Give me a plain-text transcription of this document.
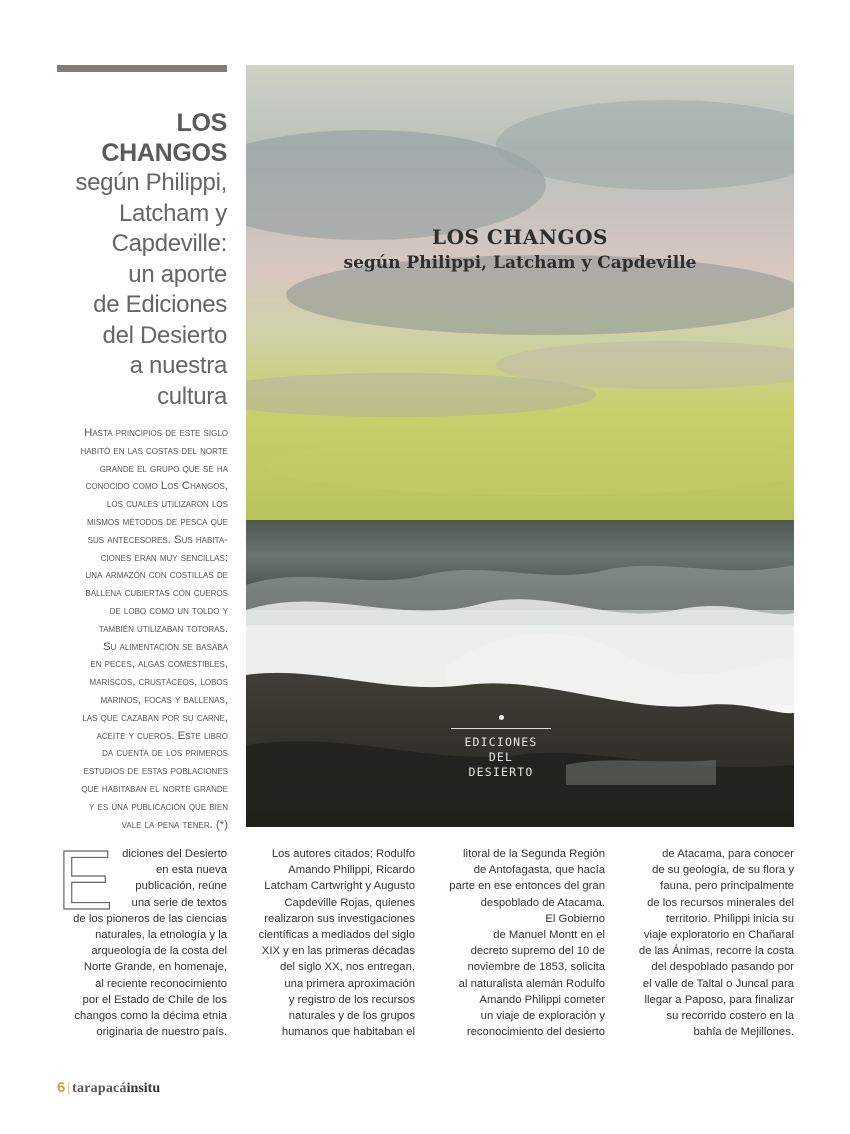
LOS
CHANGOS
según Philippi,
Latcham y
Capdeville:
un aporte
de Ediciones
del Desierto
a nuestra
cultura
Hasta principios de este siglo
habitó en las costas del norte
grande el grupo que se ha
conocido como Los Changos,
los cuales utilizaron los
mismos métodos de pesca que
sus antecesores. Sus habita-
ciones eran muy sencillas:
una armazón con costillas de
ballena cubiertas con cueros
de lobo como un toldo y
también utilizaban totoras.
Su alimentación se basaba
en peces, algas comestibles,
mariscos, crustáceos, lobos
marinos, focas y ballenas,
las que cazaban por su carne,
aceite y cueros. Este libro
da cuenta de los primeros
estudios de estas poblaciones
que habitaban el norte grande
y es una publicación que bien
vale la pena tener. (*)
LOS CHANGOS
según Philippi, Latcham y Capdeville
EDICIONES
DEL
DESIERTO
E diciones del Desierto
en esta nueva
publicación, reúne
una serie de textos
de los pioneros de las ciencias
naturales, la etnología y la
arqueología de la costa del
Norte Grande, en homenaje,
al reciente reconocimiento
por el Estado de Chile de los
changos como la décima etnia
originaria de nuestro país.
Los autores citados; Rodulfo
Amando Philippi, Ricardo
Latcham Cartwright y Augusto
Capdeville Rojas, quienes
realizaron sus investigaciones
científicas a mediados del siglo
XIX y en las primeras décadas
del siglo XX, nos entregan,
una primera aproximación
y registro de los recursos
naturales y de los grupos
humanos que habitaban el
litoral de la Segunda Región
de Antofagasta, que hacía
parte en ese entonces del gran
despoblado de Atacama.
El Gobierno
de Manuel Montt en el
decreto supremo del 10 de
noviembre de 1853, solicita
al naturalista alemán Rodulfo
Amando Philippi cometer
un viaje de exploración y
reconocimiento del desierto
de Atacama, para conocer
de su geología, de su flora y
fauna, pero principalmente
de los recursos minerales del
territorio. Philippi inicia su
viaje exploratorio en Chañaral
de las Ánimas, recorre la costa
del despoblado pasando por
el valle de Taltal o Juncal para
llegar a Paposo, para finalizar
su recorrido costero en la
bahía de Mejillones.
6 | tarapacáinsitu
